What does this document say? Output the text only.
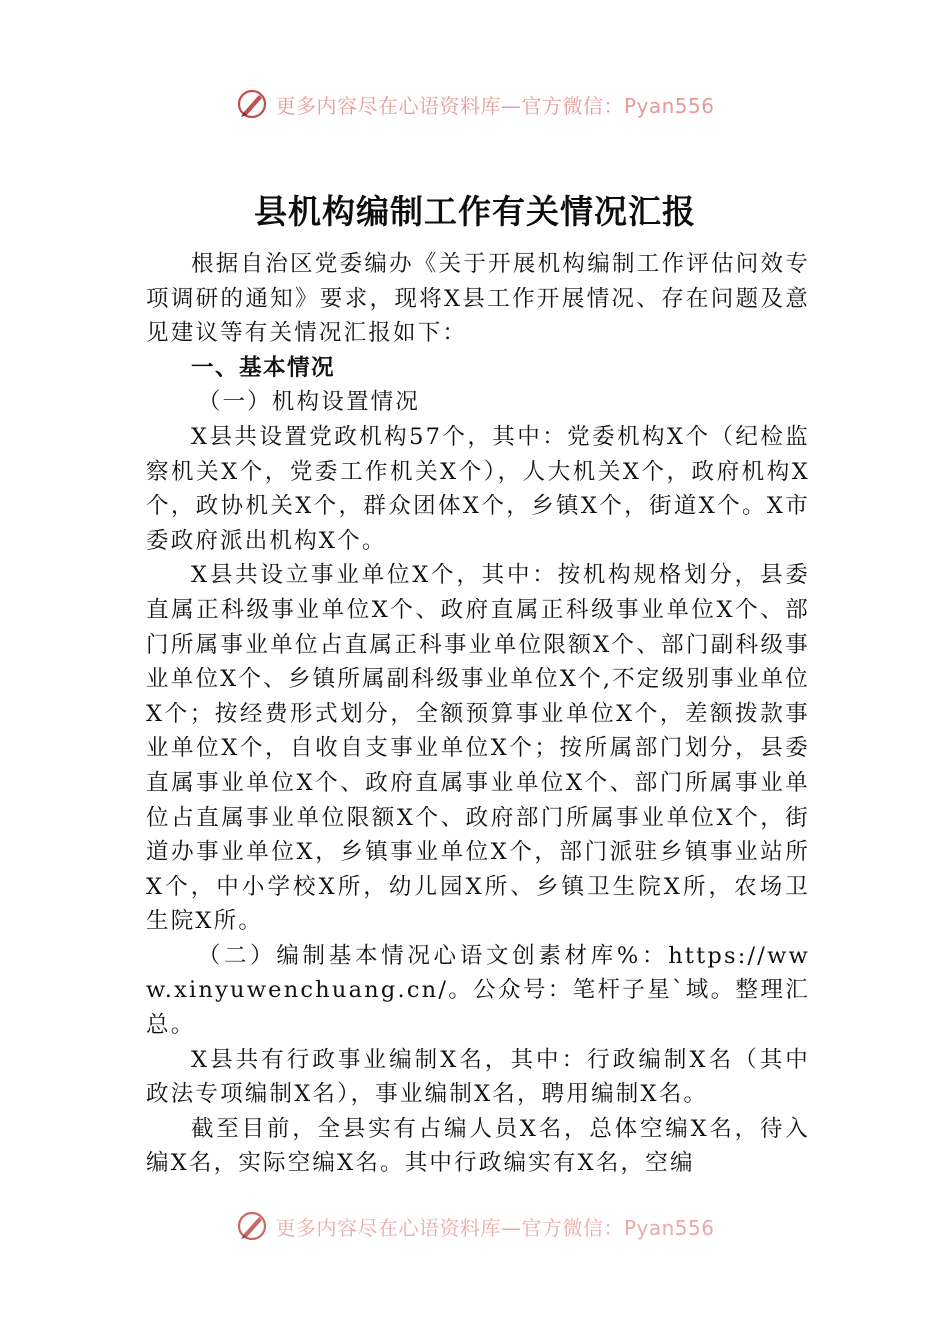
更多内容尽在心语资料库—官方微信：Pyan556
县机构编制工作有关情况汇报

根据自治区党委编办《关于开展机构编制工作评估问效专项调研的通知》要求，现将X县工作开展情况、存在问题及意见建议等有关情况汇报如下：

一、基本情况

（一）机构设置情况

X县共设置党政机构57个，其中：党委机构X个（纪检监察机关X个，党委工作机关X个），人大机关X个，政府机构X个，政协机关X个，群众团体X个，乡镇X个，街道X个。X市委政府派出机构X个。

X县共设立事业单位X个，其中：按机构规格划分，县委直属正科级事业单位X个、政府直属正科级事业单位X个、部门所属事业单位占直属正科事业单位限额X个、部门副科级事业单位X个、乡镇所属副科级事业单位X个,不定级别事业单位X个；按经费形式划分，全额预算事业单位X个，差额拨款事业单位X个，自收自支事业单位X个；按所属部门划分，县委直属事业单位X个、政府直属事业单位X个、部门所属事业单位占直属事业单位限额X个、政府部门所属事业单位X个，街道办事业单位X，乡镇事业单位X个，部门派驻乡镇事业站所X个，中小学校X所，幼儿园X所、乡镇卫生院X所，农场卫生院X所。

（二）编制基本情况心语文创素材库%：https://www.xinyuwenchuang.cn/。公众号：笔杆子星`域。整理汇总。

X县共有行政事业编制X名，其中：行政编制X名（其中政法专项编制X名），事业编制X名，聘用编制X名。

截至目前，全县实有占编人员X名，总体空编X名，待入编X名，实际空编X名。其中行政编实有X名，空编

更多内容尽在心语资料库—官方微信：Pyan556
